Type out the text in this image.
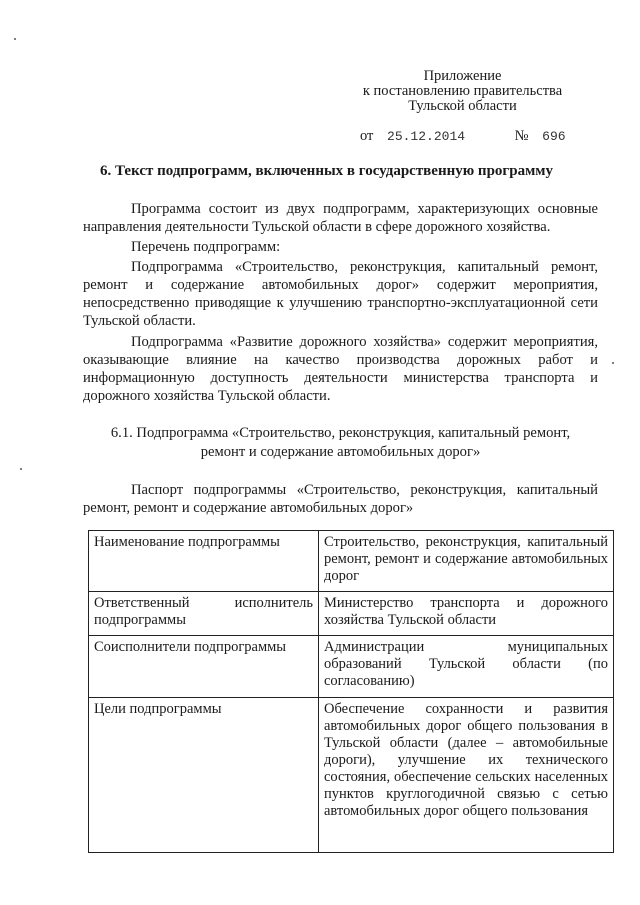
Приложение
к постановлению правительства
Тульской области
от 25.12.2014	№ 696
6. Текст подпрограмм, включенных в государственную программу
Программа состоит из двух подпрограмм, характеризующих основные направления деятельности Тульской области в сфере дорожного хозяйства.
Перечень подпрограмм:
Подпрограмма «Строительство, реконструкция, капитальный ремонт, ремонт и содержание автомобильных дорог» содержит мероприятия, непосредственно приводящие к улучшению транспортно-эксплуатационной сети Тульской области.
Подпрограмма «Развитие дорожного хозяйства» содержит мероприятия, оказывающие влияние на качество производства дорожных работ и информационную доступность деятельности министерства транспорта и дорожного хозяйства Тульской области.
6.1. Подпрограмма «Строительство, реконструкция, капитальный ремонт,
ремонт и содержание автомобильных дорог»
Паспорт подпрограммы «Строительство, реконструкция, капитальный ремонт, ремонт и содержание автомобильных дорог»
Наименование подпрограммы	Строительство, реконструкция, капитальный ремонт, ремонт и содержание автомобильных дорог
Ответственный исполнитель подпрограммы	Министерство транспорта и дорожного хозяйства Тульской области
Соисполнители подпрограммы	Администрации муниципальных образований Тульской области (по согласованию)
Цели подпрограммы	Обеспечение сохранности и развития автомобильных дорог общего пользования в Тульской области (далее – автомобильные дороги), улучшение их технического состояния, обеспечение сельских населенных пунктов круглогодичной связью с сетью автомобильных дорог общего пользования
